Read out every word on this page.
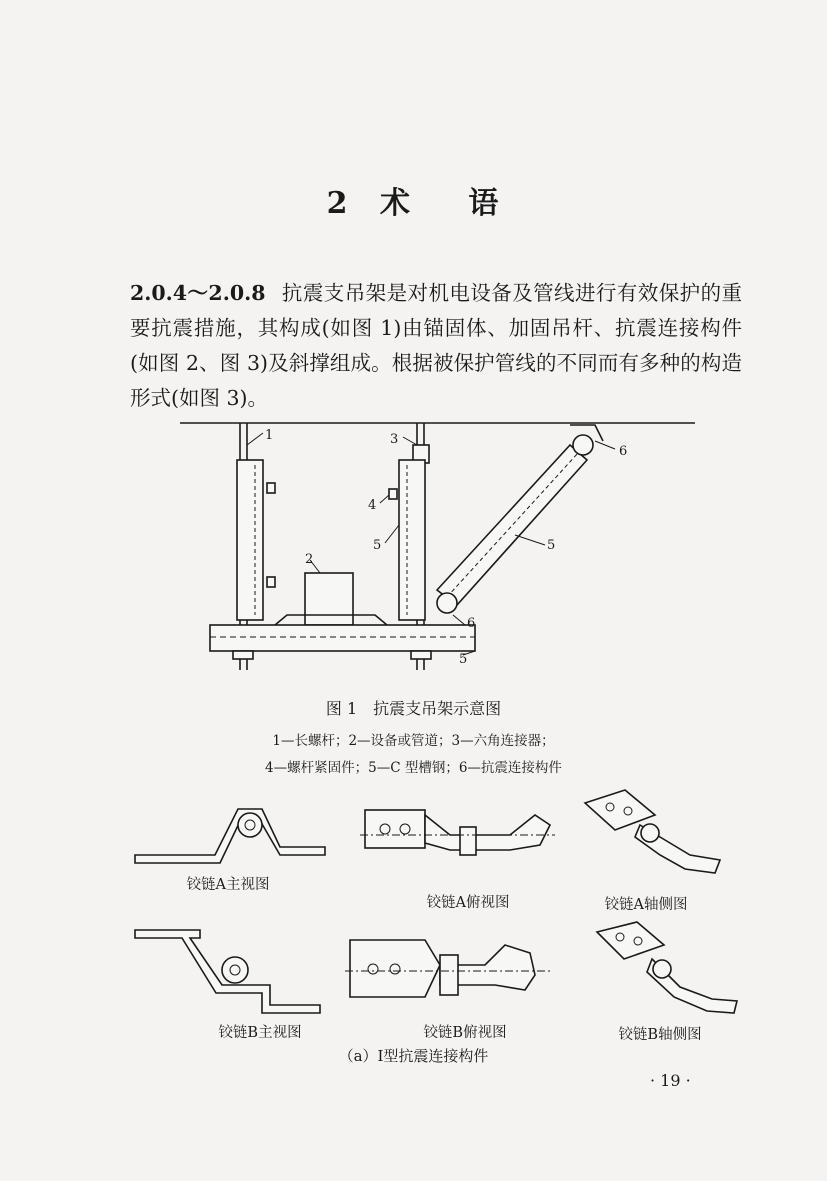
2 术 语
2.0.4～2.0.8 抗震支吊架是对机电设备及管线进行有效保护的重要抗震措施，其构成(如图 1)由锚固体、加固吊杆、抗震连接构件(如图 2、图 3)及斜撑组成。根据被保护管线的不同而有多种的构造形式(如图 3)。
1
2
3
4
5	5
5
6
6
图 1　抗震支吊架示意图
1—长螺杆；2—设备或管道；3—六角连接器；
4—螺杆紧固件；5—C 型槽钢；6—抗震连接构件
铰链A主视图
铰链A俯视图	铰链A轴侧图
铰链B主视图	铰链B俯视图	铰链B轴侧图
（a）Ⅰ型抗震连接构件
· 19 ·
